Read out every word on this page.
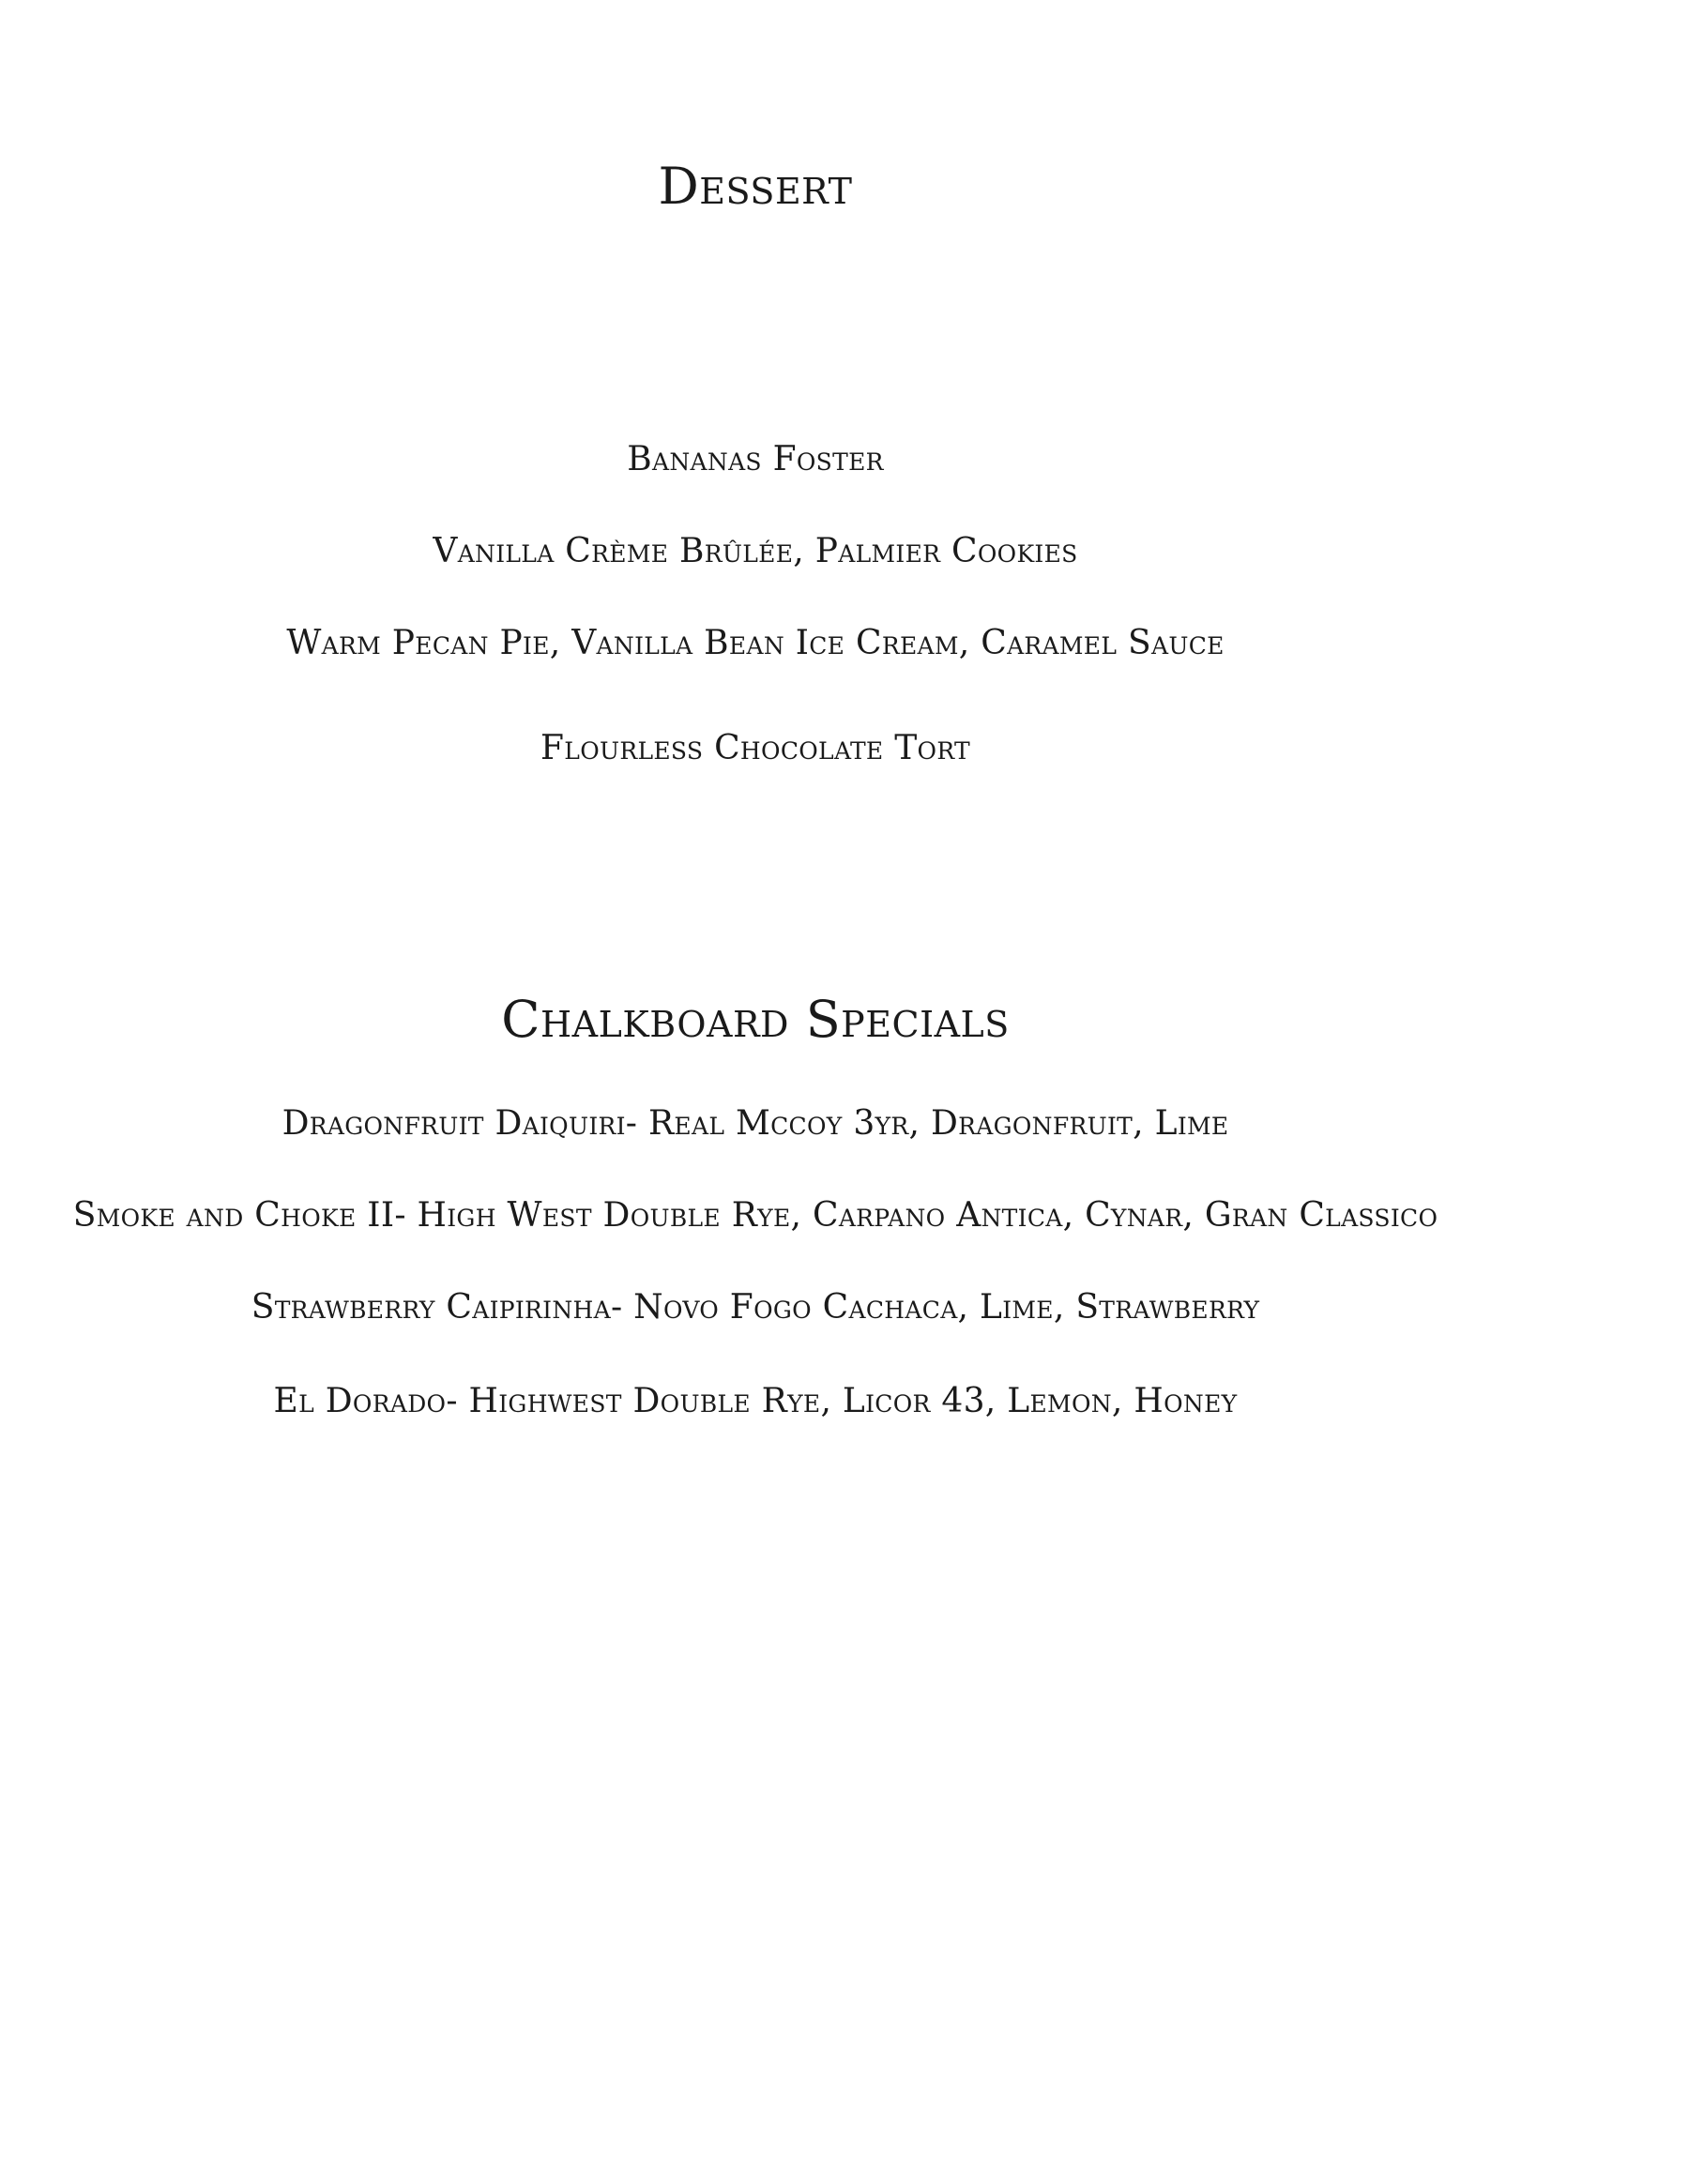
Dessert
Bananas Foster
Vanilla Crème Brûlée, Palmier Cookies
Warm Pecan Pie, Vanilla Bean Ice Cream, Caramel Sauce
Flourless Chocolate Tort
Chalkboard Specials
Dragonfruit Daiquiri- Real Mccoy 3yr, Dragonfruit, Lime
Smoke and Choke II- High West Double Rye, Carpano Antica, Cynar, Gran Classico
Strawberry Caipirinha- Novo Fogo Cachaca, Lime, Strawberry
El Dorado- Highwest Double Rye, Licor 43, Lemon, Honey
